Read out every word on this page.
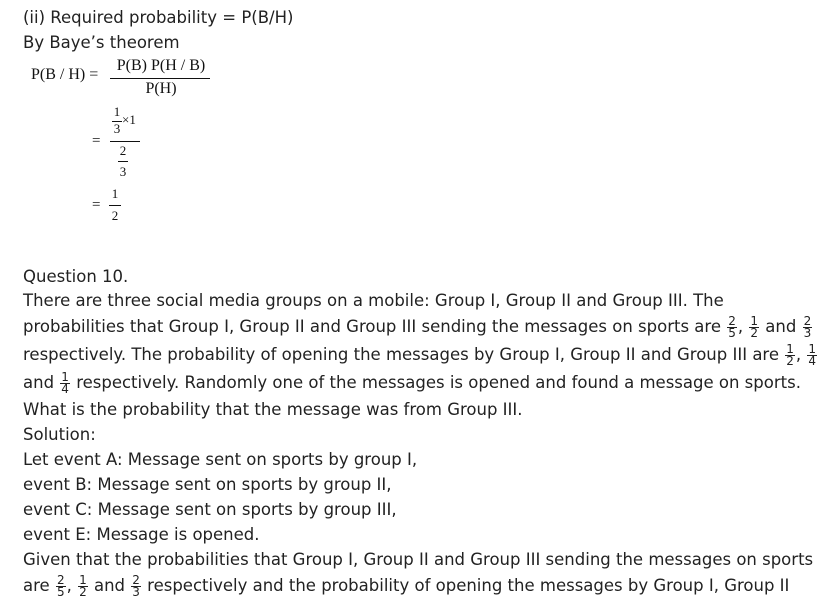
(ii) Required probability = P(B/H)
By Baye’s theorem
P(B / H) =
P(B) P(H / B)
P(H)
=
1
3
×1
2
3
=
1
2
Question 10.
There are three social media groups on a mobile: Group I, Group II and Group III. The
probabilities that Group I, Group II and Group III sending the messages on sports are $\frac{2}{5}$ , $\frac{1}{2}$ and $\frac{2}{3}$
respectively. The probability of opening the messages by Group I, Group II and Group III are $\frac{1}{2}$ , $\frac{1}{4}$
and $\frac{1}{4}$ respectively. Randomly one of the messages is opened and found a message on sports.
What is the probability that the message was from Group III.
Solution:
Let event A: Message sent on sports by group I,
event B: Message sent on sports by group II,
event C: Message sent on sports by group III,
event E: Message is opened.
Given that the probabilities that Group I, Group II and Group III sending the messages on sports
are $\frac{2}{5}$ , $\frac{1}{2}$ and $\frac{2}{3}$ respectively and the probability of opening the messages by Group I, Group II
